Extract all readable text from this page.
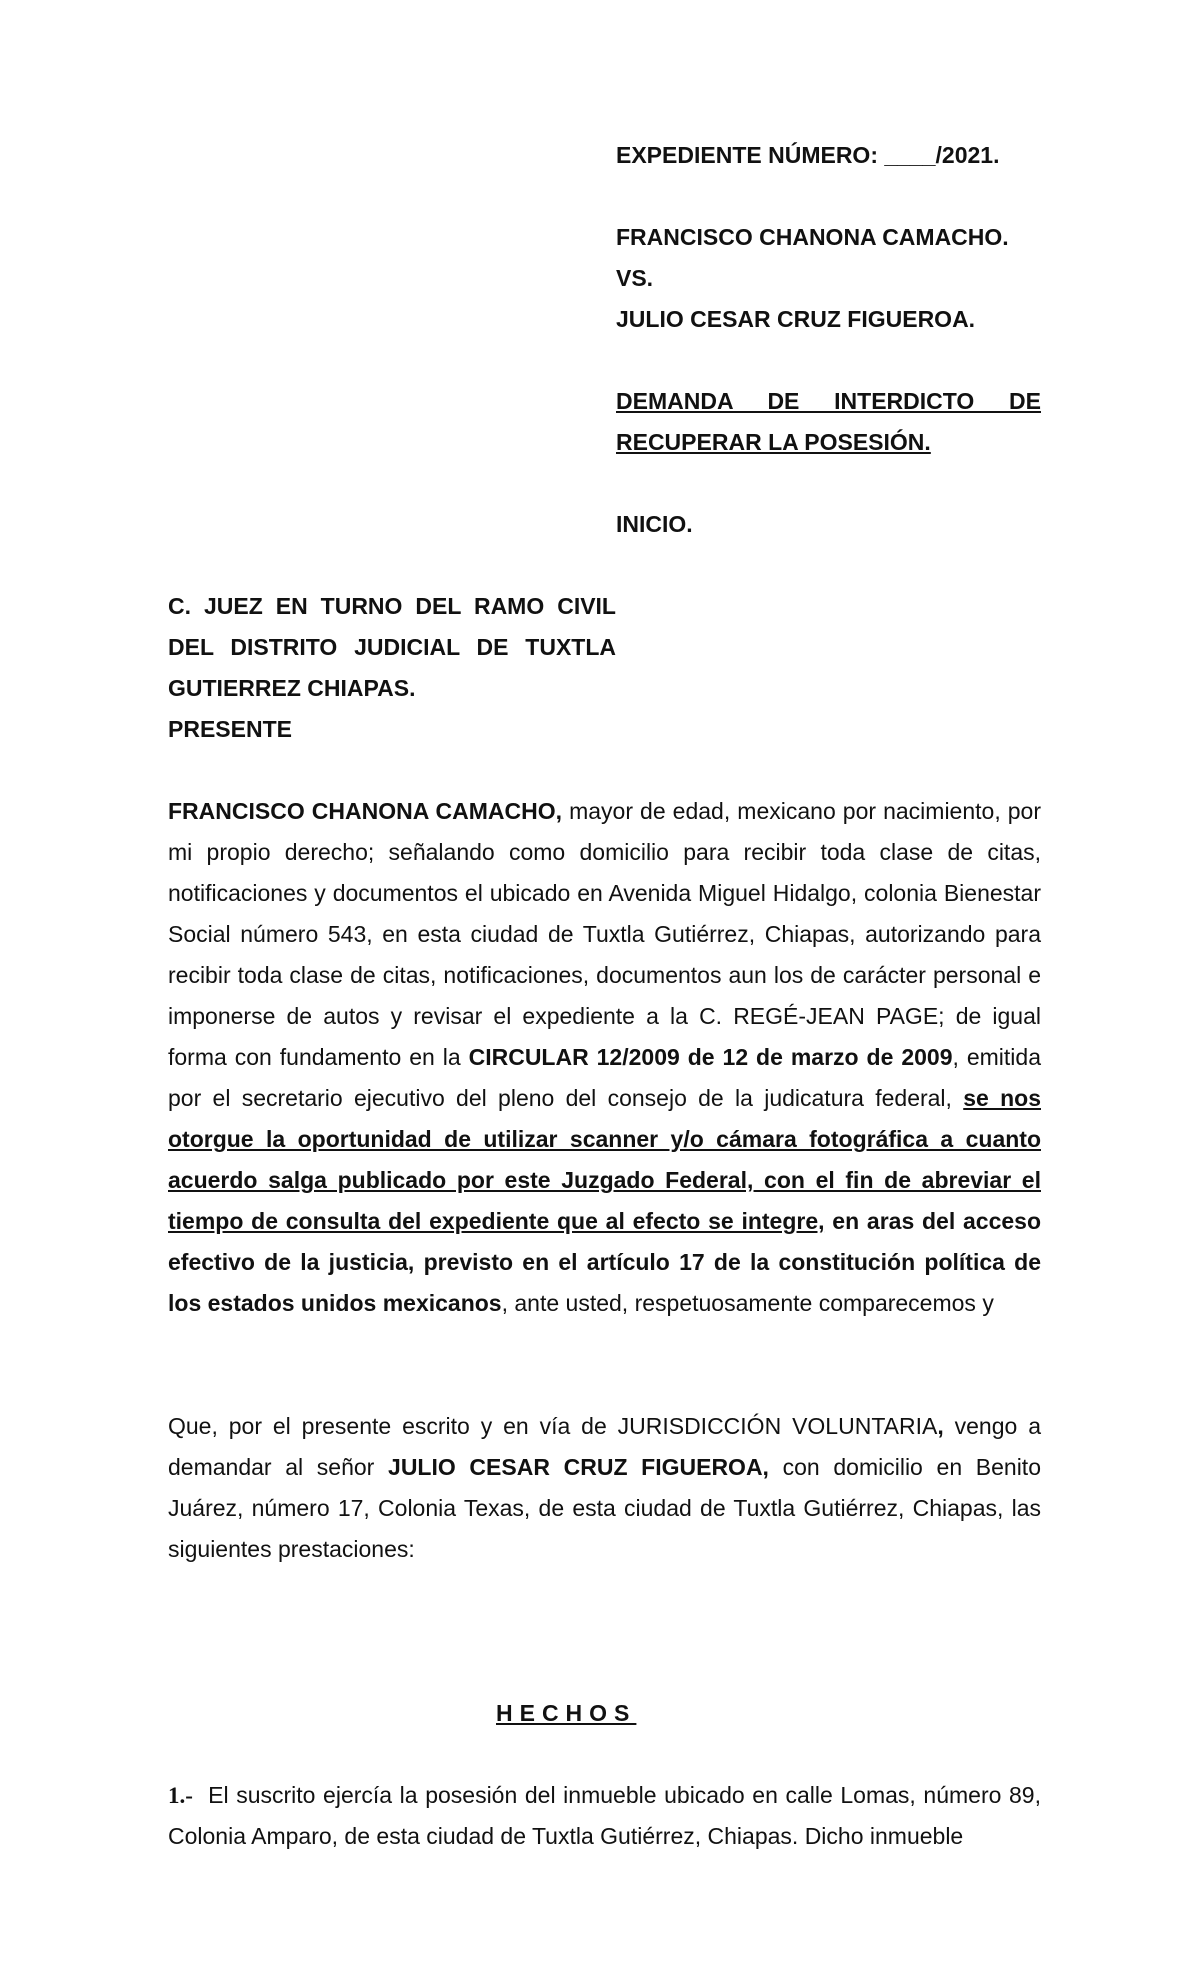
EXPEDIENTE NÚMERO: ____/2021.

FRANCISCO CHANONA CAMACHO.

VS.

JULIO CESAR CRUZ FIGUEROA.

DEMANDA DE INTERDICTO DE

RECUPERAR LA POSESIÓN.

INICIO.

C. JUEZ EN TURNO DEL RAMO CIVIL

DEL DISTRITO JUDICIAL DE TUXTLA

GUTIERREZ CHIAPAS.

PRESENTE

FRANCISCO CHANONA CAMACHO, mayor de edad, mexicano por nacimiento, por mi propio derecho; señalando como domicilio para recibir toda clase de citas, notificaciones y documentos el ubicado en Avenida Miguel Hidalgo, colonia Bienestar Social número 543, en esta ciudad de Tuxtla Gutiérrez, Chiapas, autorizando para recibir toda clase de citas, notificaciones, documentos aun los de carácter personal e imponerse de autos y revisar el expediente a la C. REGÉ-JEAN PAGE; de igual forma con fundamento en la CIRCULAR 12/2009 de 12 de marzo de 2009, emitida por el secretario ejecutivo del pleno del consejo de la judicatura federal, se nos otorgue la oportunidad de utilizar scanner y/o cámara fotográfica a cuanto acuerdo salga publicado por este Juzgado Federal, con el fin de abreviar el tiempo de consulta del expediente que al efecto se integre, en aras del acceso efectivo de la justicia, previsto en el artículo 17 de la constitución política de los estados unidos mexicanos, ante usted, respetuosamente comparecemos y

Que, por el presente escrito y en vía de JURISDICCIÓN VOLUNTARIA, vengo a demandar al señor JULIO CESAR CRUZ FIGUEROA, con domicilio en Benito Juárez, número 17, Colonia Texas, de esta ciudad de Tuxtla Gutiérrez, Chiapas, las siguientes prestaciones:

HECHOS

1.-  El suscrito ejercía la posesión del inmueble ubicado en calle Lomas, número 89, Colonia Amparo, de esta ciudad de Tuxtla Gutiérrez, Chiapas. Dicho inmueble
